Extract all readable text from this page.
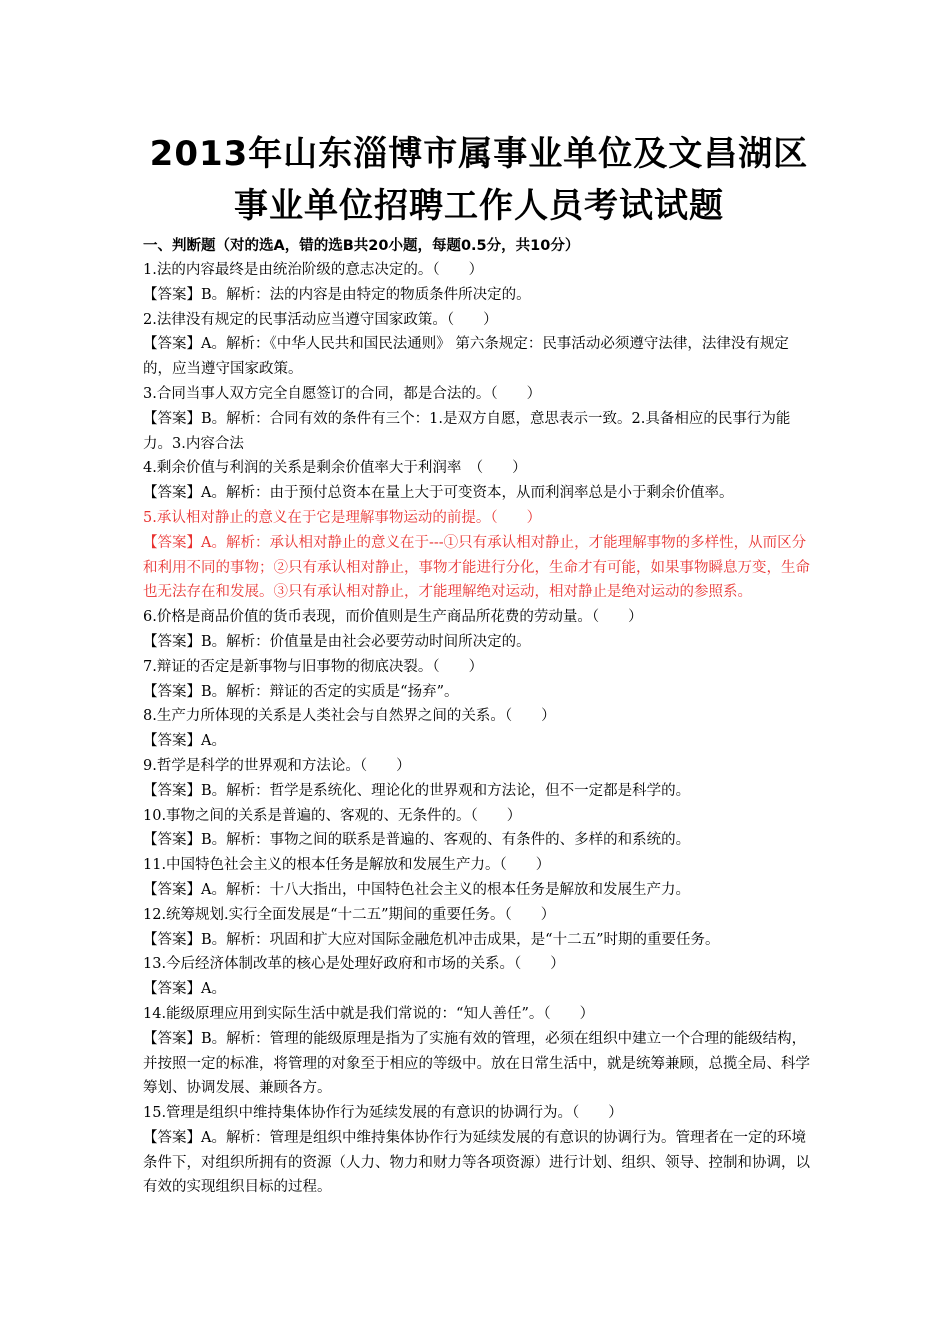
2013年山东淄博市属事业单位及文昌湖区
事业单位招聘工作人员考试试题
一、判断题（对的选A，错的选B共20小题，每题0.5分，共10分）
1.法的内容最终是由统治阶级的意志决定的。（　　）
【答案】B。解析：法的内容是由特定的物质条件所决定的。
2.法律没有规定的民事活动应当遵守国家政策。（　　）
【答案】A。解析：《中华人民共和国民法通则》 第六条规定：民事活动必须遵守法律，法律没有规定的，应当遵守国家政策。
3.合同当事人双方完全自愿签订的合同，都是合法的。（　　）
【答案】B。解析：合同有效的条件有三个：1.是双方自愿，意思表示一致。2.具备相应的民事行为能力。3.内容合法
4.剩余价值与利润的关系是剩余价值率大于利润率　（　　）
【答案】A。解析：由于预付总资本在量上大于可变资本，从而利润率总是小于剩余价值率。
5.承认相对静止的意义在于它是理解事物运动的前提。（　　）
【答案】A。解析：承认相对静止的意义在于---①只有承认相对静止，才能理解事物的多样性，从而区分和利用不同的事物；②只有承认相对静止，事物才能进行分化，生命才有可能，如果事物瞬息万变，生命也无法存在和发展。③只有承认相对静止，才能理解绝对运动，相对静止是绝对运动的参照系。
6.价格是商品价值的货币表现，而价值则是生产商品所花费的劳动量。（　　）
【答案】B。解析：价值量是由社会必要劳动时间所决定的。
7.辩证的否定是新事物与旧事物的彻底决裂。（　　）
【答案】B。解析：辩证的否定的实质是“扬弃”。
8.生产力所体现的关系是人类社会与自然界之间的关系。（　　）
【答案】A。
9.哲学是科学的世界观和方法论。（　　）
【答案】B。解析：哲学是系统化、理论化的世界观和方法论，但不一定都是科学的。
10.事物之间的关系是普遍的、客观的、无条件的。（　　）
【答案】B。解析：事物之间的联系是普遍的、客观的、有条件的、多样的和系统的。
11.中国特色社会主义的根本任务是解放和发展生产力。（　　）
【答案】A。解析：十八大指出，中国特色社会主义的根本任务是解放和发展生产力。
12.统筹规划.实行全面发展是“十二五”期间的重要任务。（　　）
【答案】B。解析：巩固和扩大应对国际金融危机冲击成果，是“十二五”时期的重要任务。
13.今后经济体制改革的核心是处理好政府和市场的关系。（　　）
【答案】A。
14.能级原理应用到实际生活中就是我们常说的：“知人善任”。（　　）
【答案】B。解析：管理的能级原理是指为了实施有效的管理，必须在组织中建立一个合理的能级结构，并按照一定的标准，将管理的对象至于相应的等级中。放在日常生活中，就是统筹兼顾，总揽全局、科学筹划、协调发展、兼顾各方。
15.管理是组织中维持集体协作行为延续发展的有意识的协调行为。（　　）
【答案】A。解析：管理是组织中维持集体协作行为延续发展的有意识的协调行为。管理者在一定的环境条件下，对组织所拥有的资源（人力、物力和财力等各项资源）进行计划、组织、领导、控制和协调，以有效的实现组织目标的过程。
